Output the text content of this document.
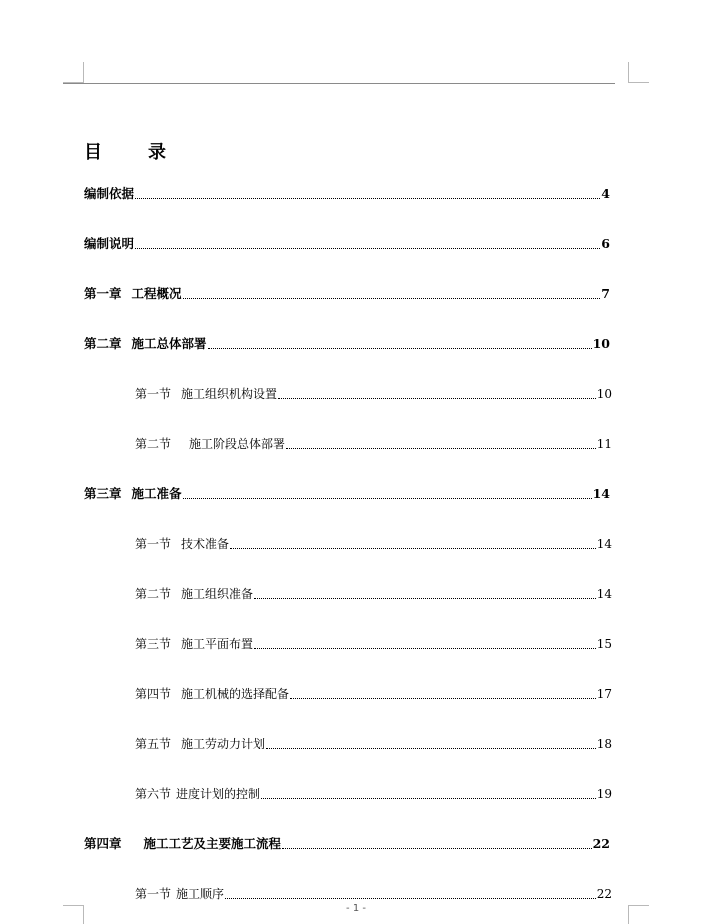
目	录
编制依据	4
编制说明	6
第一章 工程概况	7
第二章 施工总体部署	10
第一节 施工组织机构设置	10
第二节 施工阶段总体部署	11
第三章 施工准备	14
第一节 技术准备	14
第二节 施工组织准备	14
第三节 施工平面布置	15
第四节 施工机械的选择配备	17
第五节 施工劳动力计划	18
第六节 进度计划的控制	19
第四章 施工工艺及主要施工流程	22
第一节 施工顺序	22
- 1 -
